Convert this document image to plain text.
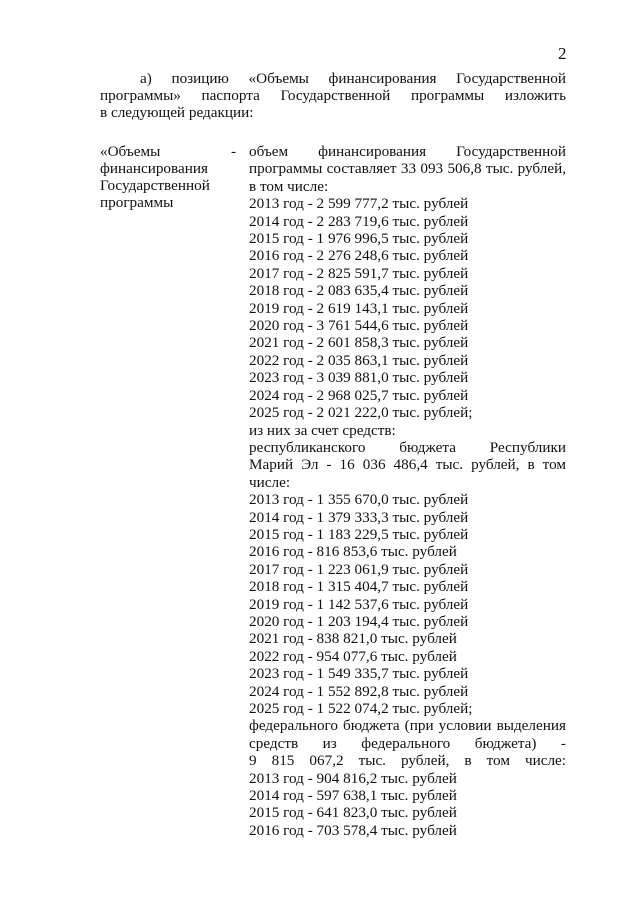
2
а) позицию «Объемы финансирования Государственной
программы» паспорта Государственной программы изложить
в следующей редакции:
«Объемы
финансирования
Государственной
программы
- объем финансирования Государственной
программы составляет 33 093 506,8 тыс. рублей,
в том числе:
2013 год - 2 599 777,2 тыс. рублей
2014 год - 2 283 719,6 тыс. рублей
2015 год - 1 976 996,5 тыс. рублей
2016 год - 2 276 248,6 тыс. рублей
2017 год - 2 825 591,7 тыс. рублей
2018 год - 2 083 635,4 тыс. рублей
2019 год - 2 619 143,1 тыс. рублей
2020 год - 3 761 544,6 тыс. рублей
2021 год - 2 601 858,3 тыс. рублей
2022 год - 2 035 863,1 тыс. рублей
2023 год - 3 039 881,0 тыс. рублей
2024 год - 2 968 025,7 тыс. рублей
2025 год - 2 021 222,0 тыс. рублей;
из них за счет средств:
республиканского бюджета Республики
Марий Эл - 16 036 486,4 тыс. рублей, в том
числе:
2013 год - 1 355 670,0 тыс. рублей
2014 год - 1 379 333,3 тыс. рублей
2015 год - 1 183 229,5 тыс. рублей
2016 год - 816 853,6 тыс. рублей
2017 год - 1 223 061,9 тыс. рублей
2018 год - 1 315 404,7 тыс. рублей
2019 год - 1 142 537,6 тыс. рублей
2020 год - 1 203 194,4 тыс. рублей
2021 год - 838 821,0 тыс. рублей
2022 год - 954 077,6 тыс. рублей
2023 год - 1 549 335,7 тыс. рублей
2024 год - 1 552 892,8 тыс. рублей
2025 год - 1 522 074,2 тыс. рублей;
федерального бюджета (при условии выделения
средств из федерального бюджета) -
9 815 067,2 тыс. рублей, в том числе:
2013 год - 904 816,2 тыс. рублей
2014 год - 597 638,1 тыс. рублей
2015 год - 641 823,0 тыс. рублей
2016 год - 703 578,4 тыс. рублей
